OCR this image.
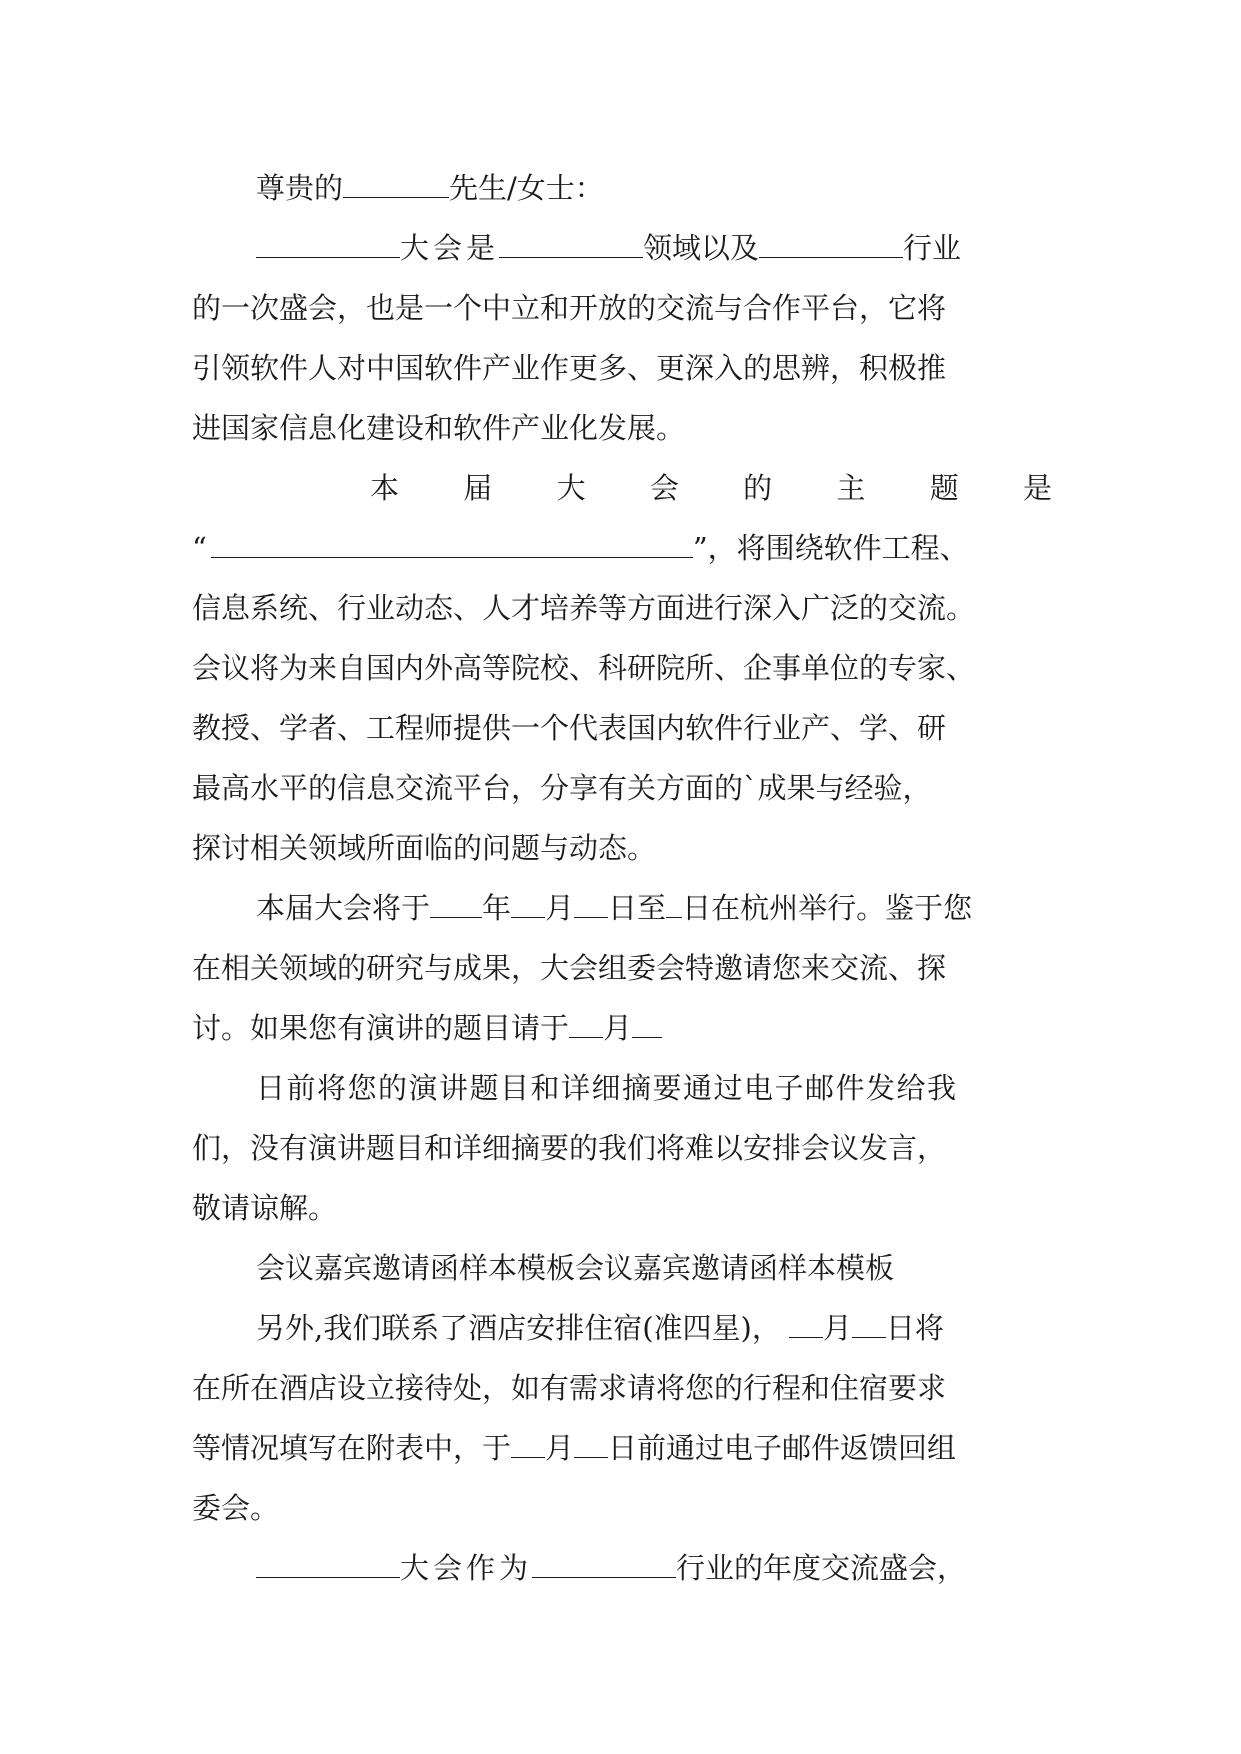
尊贵的	先生/女士：
大会是	领域以及	行业
的一次盛会，也是一个中立和开放的交流与合作平台，它将
引领软件人对中国软件产业作更多、更深入的思辨，积极推
进国家信息化建设和软件产业化发展。
本 届 大 会 的 主 题 是
“	”，将围绕软件工程、
信息系统、行业动态、人才培养等方面进行深入广泛的交流。
会议将为来自国内外高等院校、科研院所、企事单位的专家、
教授、学者、工程师提供一个代表国内软件行业产、学、研
最高水平的信息交流平台，分享有关方面的`成果与经验，
探讨相关领域所面临的问题与动态。
本届大会将于 年 月 日至 日在杭州举行。鉴于您
在相关领域的研究与成果，大会组委会特邀请您来交流、探
讨。如果您有演讲的题目请于 月
日前将您的演讲题目和详细摘要通过电子邮件发给我
们，没有演讲题目和详细摘要的我们将难以安排会议发言，
敬请谅解。
会议嘉宾邀请函样本模板会议嘉宾邀请函样本模板
另外,我们联系了酒店安排住宿(准四星)， 月 日将
在所在酒店设立接待处，如有需求请将您的行程和住宿要求
等情况填写在附表中，于 月 日前通过电子邮件返馈回组
委会。
大会作为	行业的年度交流盛会，
